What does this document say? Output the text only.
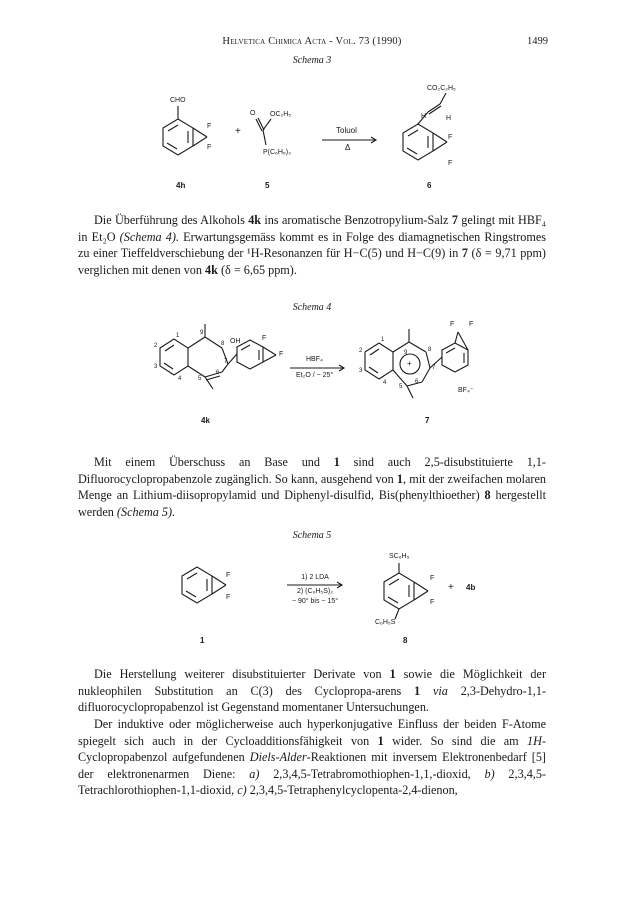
Helvetica Chimica Acta - Vol. 73 (1990)	1499
Schema 3
CHO
F
F
+
O OC₂H₅
P(C₆H₅)₃
Toluol
Δ
CO₂C₂H₅
H	H
F
F
4h	5	6

Die Überführung des Alkohols 4k ins aromatische Benzotropylium-Salz 7 gelingt mit HBF₄ in Et₂O (Schema 4). Erwartungsgemäss kommt es in Folge des diamagnetischen Ringstromes zu einer Tieffeldverschiebung der ¹H-Resonanzen für H−C(5) und H−C(9) in 7 (δ = 9,71 ppm) verglichen mit denen von 4k (δ = 6,65 ppm).

Schema 4
1
2
3
4	5
6
7
8
9
OH	F
F
HBF₄
Et₂O / − 25°
1
2
3
4
5
6
7
8
9
+
F F
BF₄⁻
4k	7

Mit einem Überschuss an Base und 1 sind auch 2,5-disubstituierte 1,1-Difluorocyclopropabenzole zugänglich. So kann, ausgehend von 1, mit der zweifachen molaren Menge an Lithium-diisopropylamid und Diphenyl-disulfid, Bis(phenylthioether) 8 hergestellt werden (Schema 5).

Schema 5
F
F
1) 2 LDA
2) (C₆H₅S)₂
− 90° bis − 15°
SC₆H₅
C₆H₅S
F
F
+ 4b
1	8

Die Herstellung weiterer disubstituierter Derivate von 1 sowie die Möglichkeit der nukleophilen Substitution an C(3) des Cyclopropa-arens 1 via 2,3-Dehydro-1,1-difluorocyclopropabenzol ist Gegenstand momentaner Untersuchungen.

Der induktive oder möglicherweise auch hyperkonjugative Einfluss der beiden F-Atome spiegelt sich auch in der Cycloadditionsfähigkeit von 1 wider. So sind die am 1H-Cyclopropabenzol aufgefundenen Diels-Alder-Reaktionen mit inversem Elektronenbedarf [5] der elektronenarmen Diene: a) 2,3,4,5-Tetrabromothiophen-1,1,-dioxid, b) 2,3,4,5-Tetrachlorothiophen-1,1-dioxid, c) 2,3,4,5-Tetraphenylcyclopenta-2,4-dienon,
